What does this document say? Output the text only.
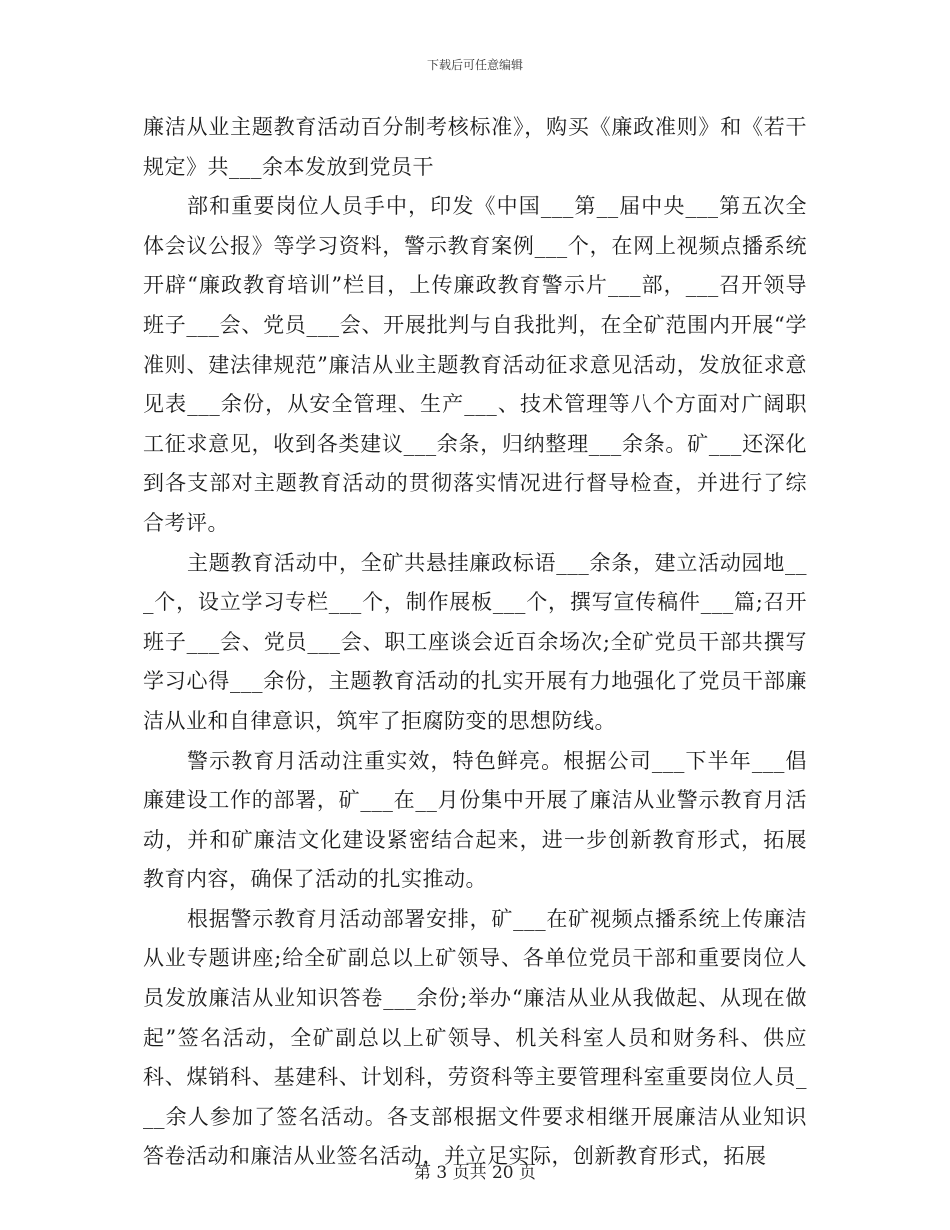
下载后可任意编辑

廉洁从业主题教育活动百分制考核标准》，购买《廉政准则》和《若干规定》共___余本发放到党员干

部和重要岗位人员手中，印发《中国___第__届中央___第五次全体会议公报》等学习资料，警示教育案例___个，在网上视频点播系统开辟“廉政教育培训”栏目，上传廉政教育警示片___部，___召开领导班子___会、党员___会、开展批判与自我批判，在全矿范围内开展“学准则、建法律规范”廉洁从业主题教育活动征求意见活动，发放征求意见表___余份，从安全管理、生产___、技术管理等八个方面对广阔职工征求意见，收到各类建议___余条，归纳整理___余条。矿___还深化到各支部对主题教育活动的贯彻落实情况进行督导检查，并进行了综合考评。

主题教育活动中，全矿共悬挂廉政标语___余条，建立活动园地___个，设立学习专栏___个，制作展板___个，撰写宣传稿件___篇;召开班子___会、党员___会、职工座谈会近百余场次;全矿党员干部共撰写学习心得___余份，主题教育活动的扎实开展有力地强化了党员干部廉洁从业和自律意识，筑牢了拒腐防变的思想防线。

警示教育月活动注重实效，特色鲜亮。根据公司___下半年___倡廉建设工作的部署，矿___在__月份集中开展了廉洁从业警示教育月活动，并和矿廉洁文化建设紧密结合起来，进一步创新教育形式，拓展教育内容，确保了活动的扎实推动。

根据警示教育月活动部署安排，矿___在矿视频点播系统上传廉洁从业专题讲座;给全矿副总以上矿领导、各单位党员干部和重要岗位人员发放廉洁从业知识答卷___余份;举办“廉洁从业从我做起、从现在做起”签名活动，全矿副总以上矿领导、机关科室人员和财务科、供应科、煤销科、基建科、计划科，劳资科等主要管理科室重要岗位人员___余人参加了签名活动。各支部根据文件要求相继开展廉洁从业知识答卷活动和廉洁从业签名活动，并立足实际，创新教育形式，拓展

第 3 页共 20 页
